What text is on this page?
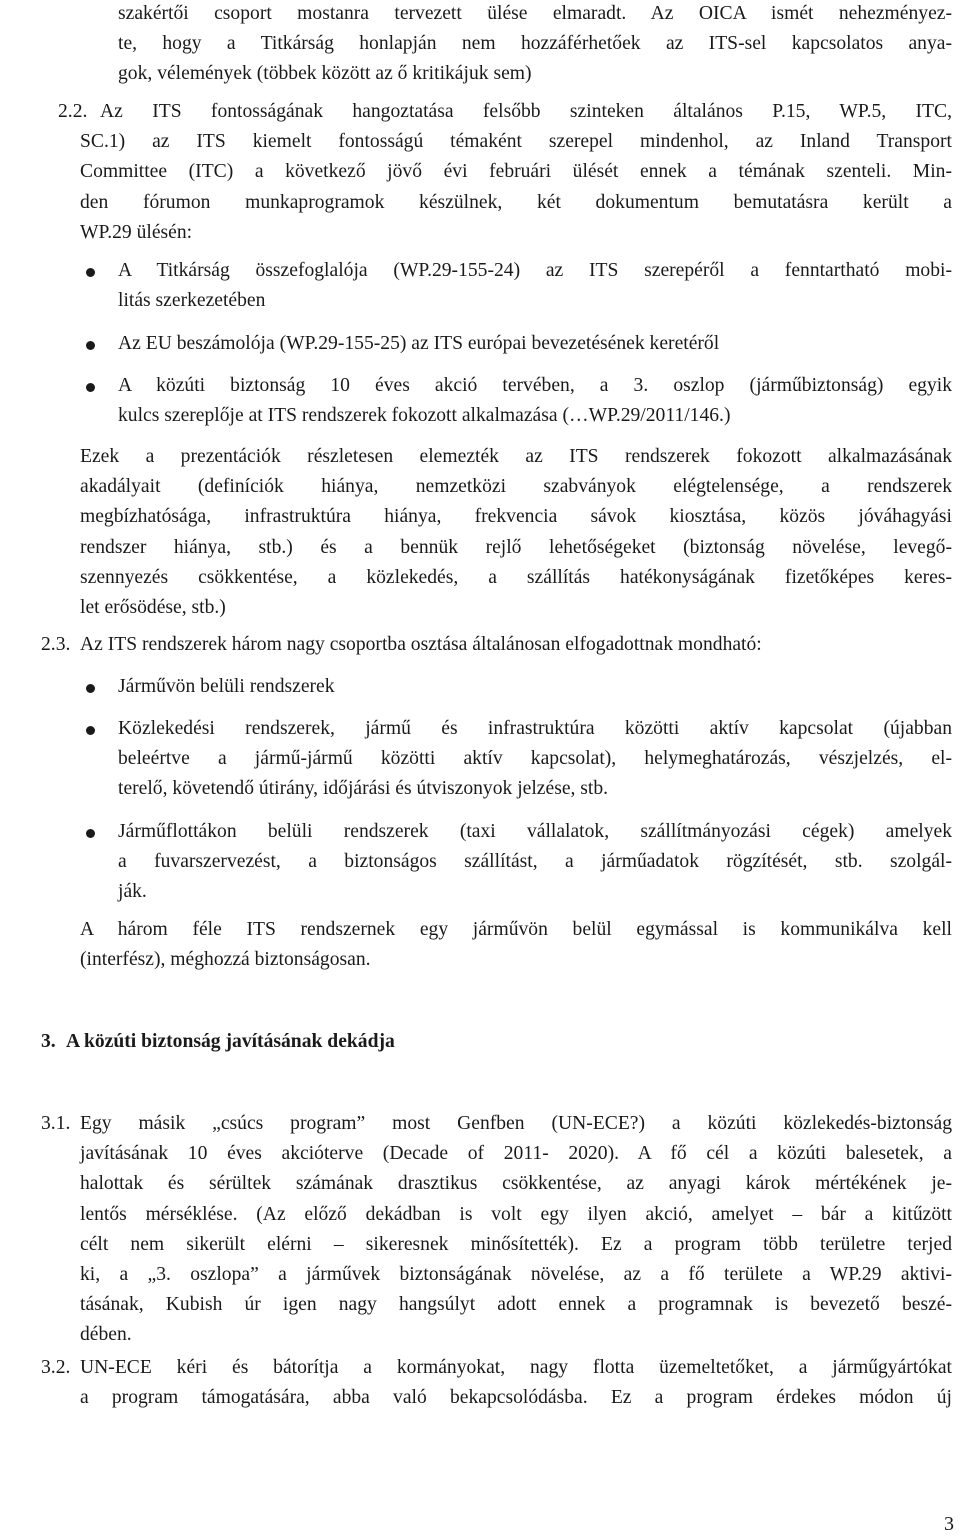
szakértői csoport mostanra tervezett ülése elmaradt. Az OICA ismét nehezményez-
te, hogy a Titkárság honlapján nem hozzáférhetőek az ITS-sel kapcsolatos anya-
gok, vélemények (többek között az ő kritikájuk sem)
2.2. Az ITS fontosságának hangoztatása felsőbb szinteken általános P.15, WP.5, ITC,
SC.1) az ITS kiemelt fontosságú témaként szerepel mindenhol, az Inland Transport
Committee (ITC) a következő jövő évi februári ülését ennek a témának szenteli. Min-
den fórumon munkaprogramok készülnek, két dokumentum bemutatásra került a
WP.29 ülésén:
A Titkárság összefoglalója (WP.29-155-24) az ITS szerepéről a fenntartható mobi-
litás szerkezetében
Az EU beszámolója (WP.29-155-25) az ITS európai bevezetésének keretéről
A közúti biztonság 10 éves akció tervében, a 3. oszlop (járműbiztonság) egyik
kulcs szereplője at ITS rendszerek fokozott alkalmazása (…WP.29/2011/146.)
Ezek a prezentációk részletesen elemezték az ITS rendszerek fokozott alkalmazásának
akadályait (definíciók hiánya, nemzetközi szabványok elégtelensége, a rendszerek
megbízhatósága, infrastruktúra hiánya, frekvencia sávok kiosztása, közös jóváhagyási
rendszer hiánya, stb.) és a bennük rejlő lehetőségeket (biztonság növelése, levegő-
szennyezés csökkentése, a közlekedés, a szállítás hatékonyságának fizetőképes keres-
let erősödése, stb.)
2.3. Az ITS rendszerek három nagy csoportba osztása általánosan elfogadottnak mondható:
Járművön belüli rendszerek
Közlekedési rendszerek, jármű és infrastruktúra közötti aktív kapcsolat (újabban
beleértve a jármű-jármű közötti aktív kapcsolat), helymeghatározás, vészjelzés, el-
terelő, követendő útirány, időjárási és útviszonyok jelzése, stb.
Járműflottákon belüli rendszerek (taxi vállalatok, szállítmányozási cégek) amelyek
a fuvarszervezést, a biztonságos szállítást, a járműadatok rögzítését, stb. szolgál-
ják.
A három féle ITS rendszernek egy járművön belül egymással is kommunikálva kell
(interfész), méghozzá biztonságosan.
3. A közúti biztonság javításának dekádja
3.1. Egy másik „csúcs program” most Genfben (UN-ECE?) a közúti közlekedés-biztonság
javításának 10 éves akcióterve (Decade of 2011- 2020). A fő cél a közúti balesetek, a
halottak és sérültek számának drasztikus csökkentése, az anyagi károk mértékének je-
lentős mérséklése. (Az előző dekádban is volt egy ilyen akció, amelyet – bár a kitűzött
célt nem sikerült elérni – sikeresnek minősítették). Ez a program több területre terjed
ki, a „3. oszlopa” a járművek biztonságának növelése, az a fő területe a WP.29 aktivi-
tásának, Kubish úr igen nagy hangsúlyt adott ennek a programnak is bevezető beszé-
dében.
3.2. UN-ECE kéri és bátorítja a kormányokat, nagy flotta üzemeltetőket, a járműgyártókat
a program támogatására, abba való bekapcsolódásba. Ez a program érdekes módon új
3
